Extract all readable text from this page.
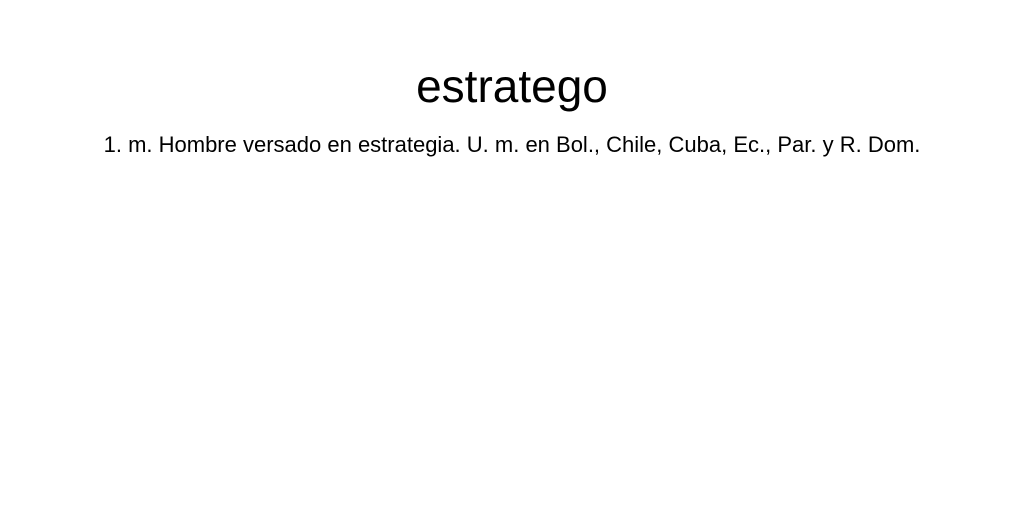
estratego

1. m. Hombre versado en estrategia. U. m. en Bol., Chile, Cuba, Ec., Par. y R. Dom.
